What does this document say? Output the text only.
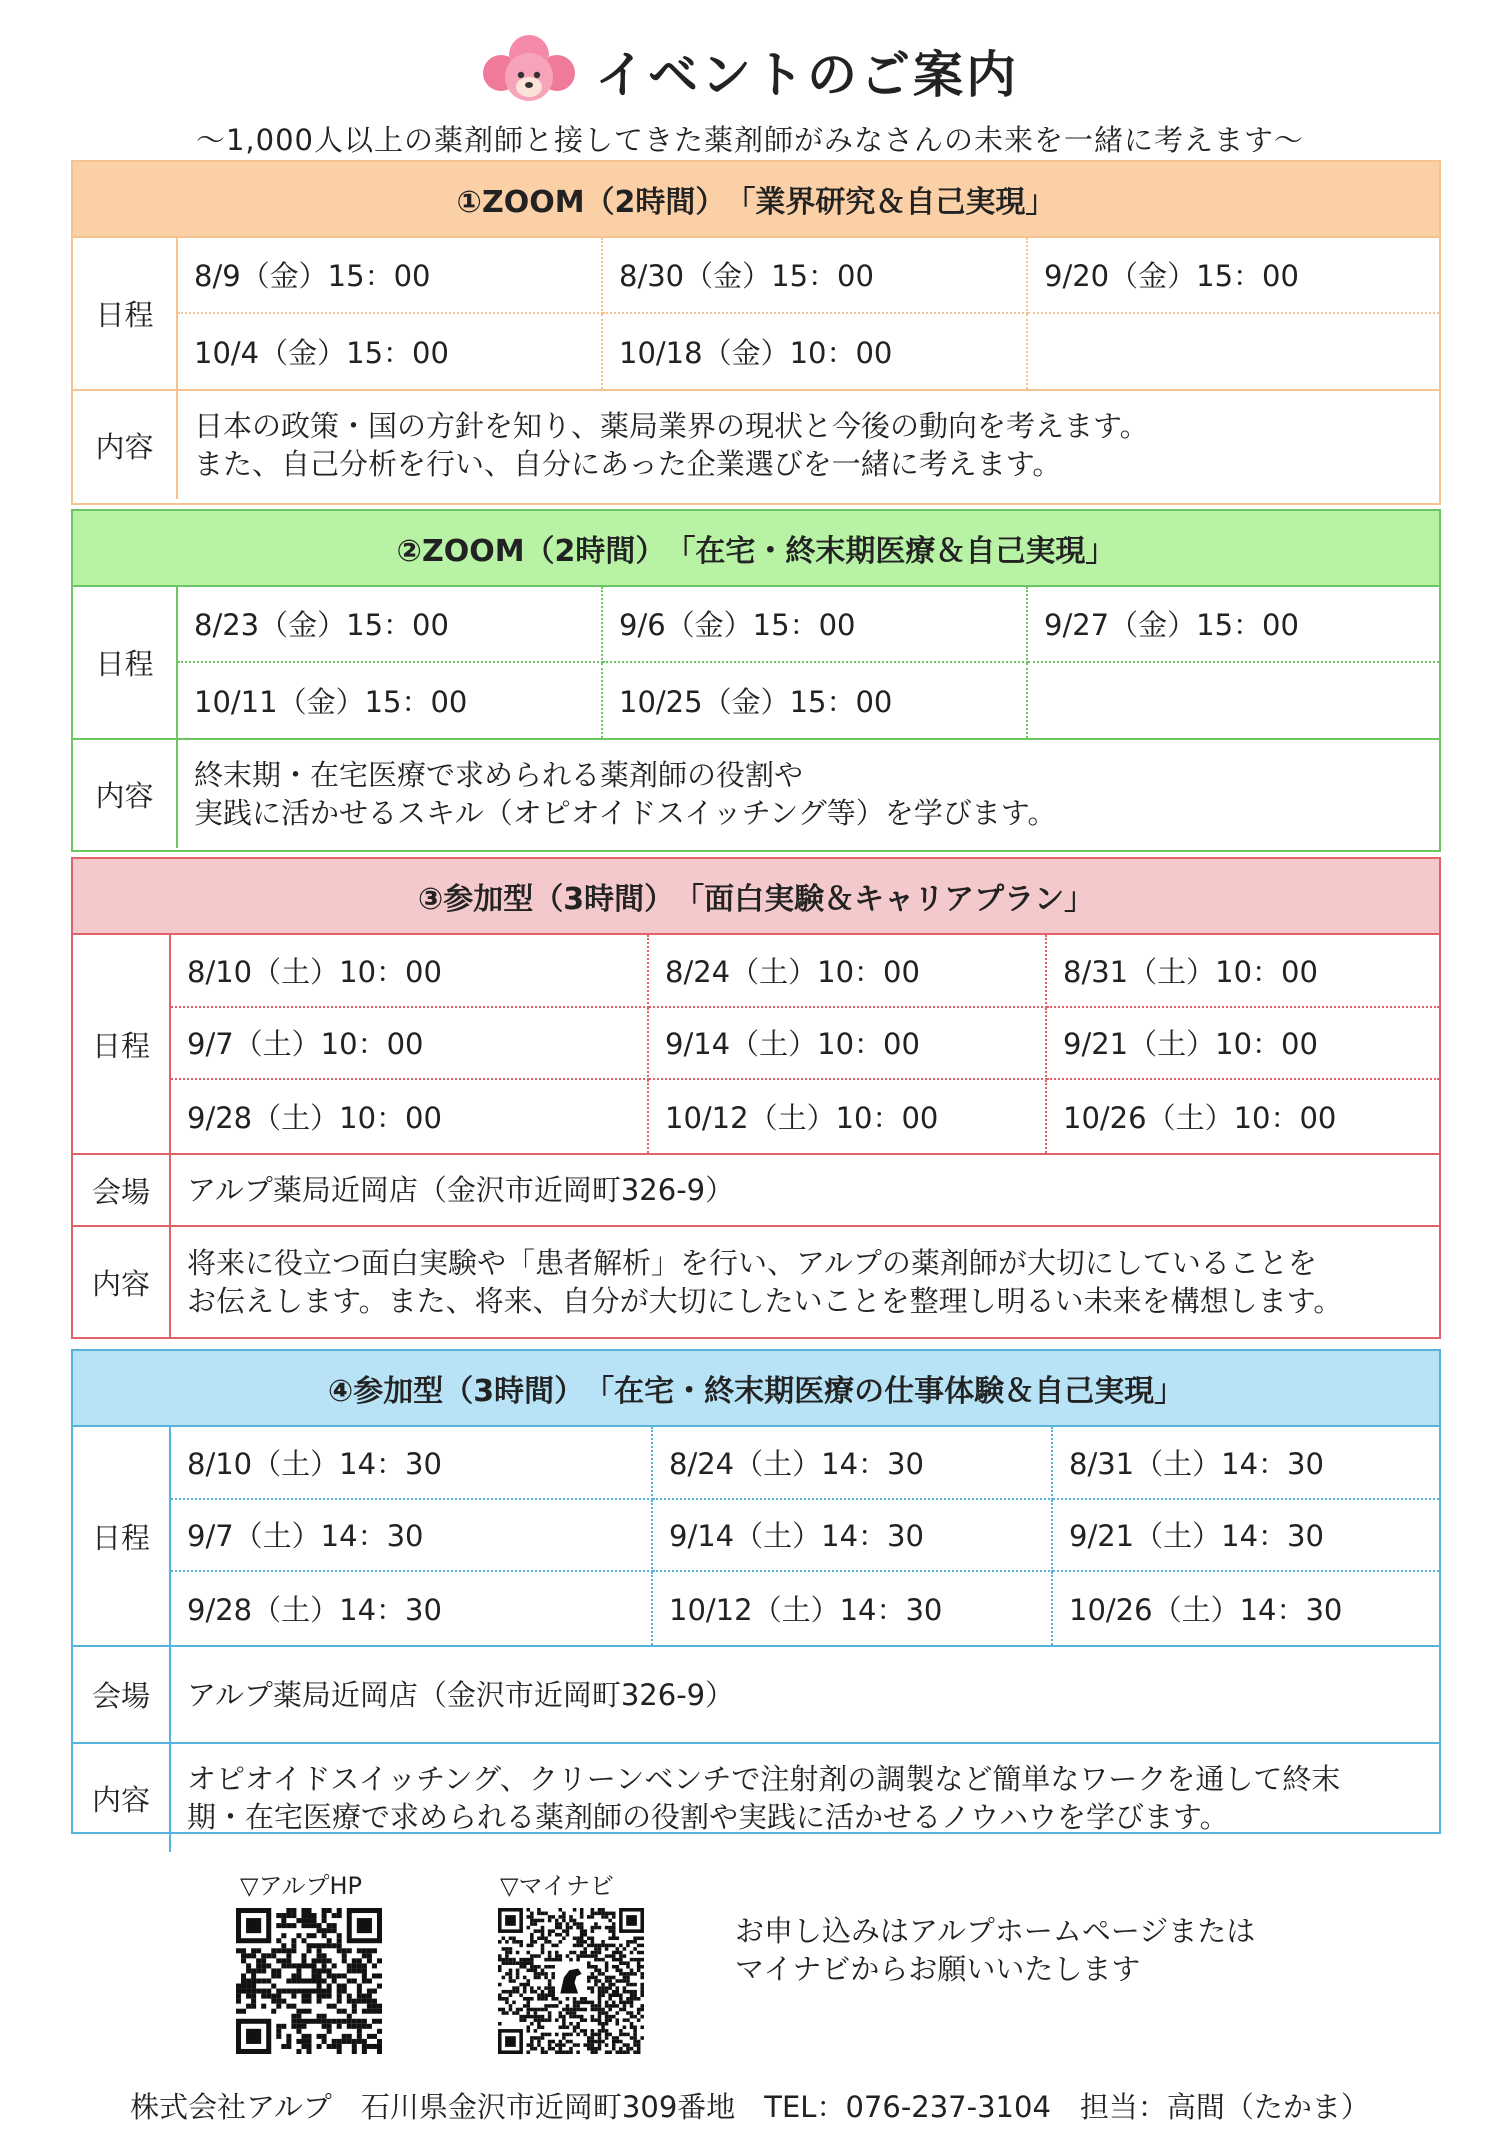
イベントのご案内
～1,000人以上の薬剤師と接してきた薬剤師がみなさんの未来を一緒に考えます～
①ZOOM（2時間）　「業界研究＆自己実現」
日程
8/9（金）15：00	8/30（金）15：00	9/20（金）15：00
10/4（金）15：00	10/18（金）10：00
内容
日本の政策・国の方針を知り、薬局業界の現状と今後の動向を考えます。
また、自己分析を行い、自分にあった企業選びを一緒に考えます。
②ZOOM（2時間）　「在宅・終末期医療＆自己実現」
日程
8/23（金）15：00	9/6（金）15：00	9/27（金）15：00
10/11（金）15：00	10/25（金）15：00
内容
終末期・在宅医療で求められる薬剤師の役割や
実践に活かせるスキル（オピオイドスイッチング等）を学びます。
③参加型（3時間）　「面白実験＆キャリアプラン」
日程
8/10（土）10：00	8/24（土）10：00	8/31（土）10：00
9/7（土）10：00	9/14（土）10：00	9/21（土）10：00
9/28（土）10：00	10/12（土）10：00	10/26（土）10：00
会場	アルプ薬局近岡店（金沢市近岡町326-9）
内容
将来に役立つ面白実験や「患者解析」を行い、アルプの薬剤師が大切にしていることを
お伝えします。また、将来、自分が大切にしたいことを整理し明るい未来を構想します。
④参加型（3時間）　「在宅・終末期医療の仕事体験＆自己実現」
日程
8/10（土）14：30	8/24（土）14：30	8/31（土）14：30
9/7（土）14：30	9/14（土）14：30	9/21（土）14：30
9/28（土）14：30	10/12（土）14：30	10/26（土）14：30
会場	アルプ薬局近岡店（金沢市近岡町326-9）
内容
オピオイドスイッチング、クリーンベンチで注射剤の調製など簡単なワークを通して終末
期・在宅医療で求められる薬剤師の役割や実践に活かせるノウハウを学びます。
▽アルプHP	▽マイナビ
お申し込みはアルプホームページまたは
マイナビからお願いいたします
株式会社アルプ　石川県金沢市近岡町309番地　TEL：076-237-3104　担当：高間（たかま）
